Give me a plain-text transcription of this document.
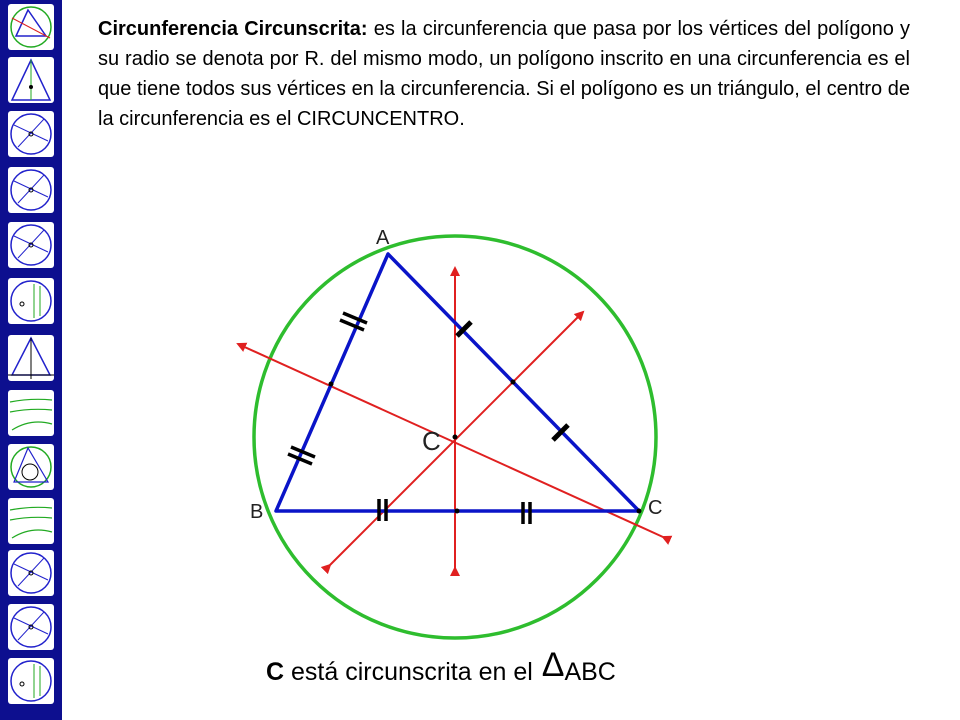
Circunferencia Circunscrita: es la circunferencia que pasa por los vértices del polígono y su radio se denota por R. del mismo modo, un polígono inscrito en una circunferencia es el que tiene todos sus vértices en la circunferencia. Si el polígono es un triángulo, el centro de la circunferencia es el CIRCUNCENTRO.
A
B	C
C
C está circunscrita en el ΔABC
